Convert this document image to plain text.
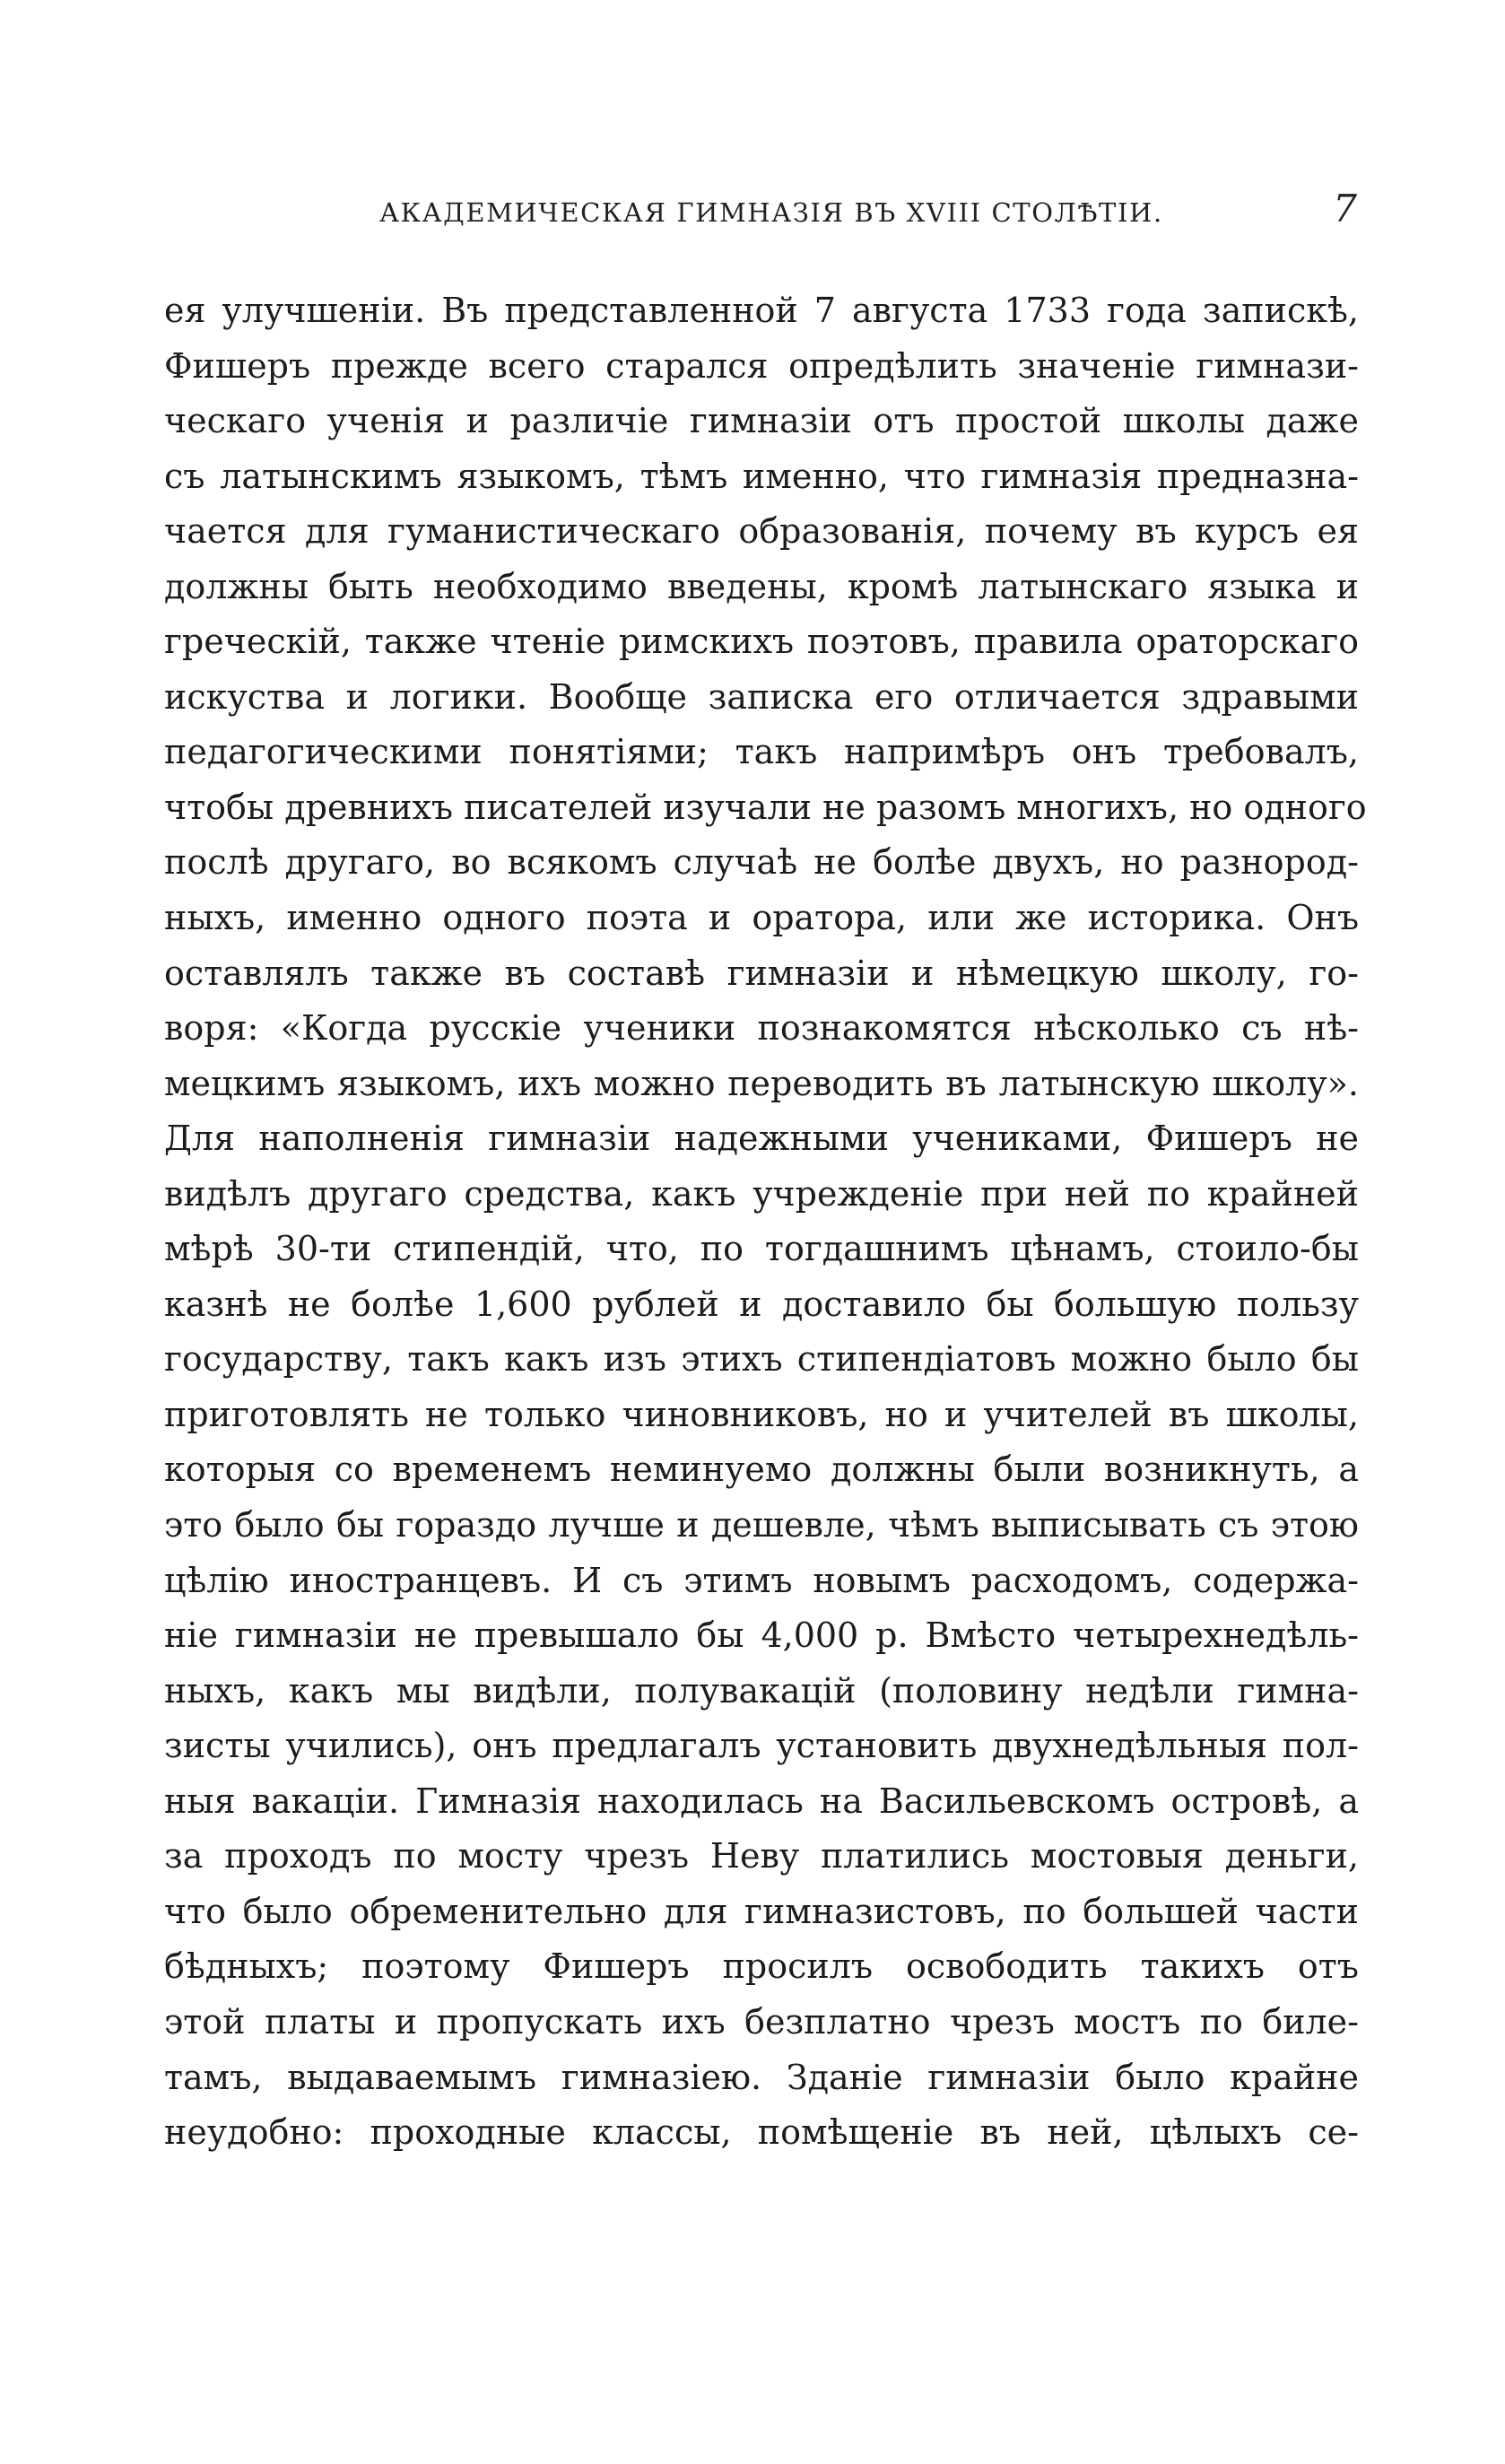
АКАДЕМИЧЕСКАЯ ГИМНАЗІЯ ВЪ XVIII СТОЛѢТІИ.	7
ея улучшеніи. Въ представленной 7 августа 1733 года запискѣ,
Фишеръ прежде всего старался опредѣлить значеніе гимнази-
ческаго ученія и различіе гимназіи отъ простой школы даже
съ латынскимъ языкомъ, тѣмъ именно, что гимназія предназна-
чается для гуманистическаго образованія, почему въ курсъ ея
должны быть необходимо введены, кромѣ латынскаго языка и
греческій, также чтеніе римскихъ поэтовъ, правила ораторскаго
искуства и логики. Вообще записка его отличается здравыми
педагогическими понятіями; такъ напримѣръ онъ требовалъ,
чтобы древнихъ писателей изучали не разомъ многихъ, но одного
послѣ другаго, во всякомъ случаѣ не болѣе двухъ, но разнород-
ныхъ, именно одного поэта и оратора, или же историка. Онъ
оставлялъ также въ составѣ гимназіи и нѣмецкую школу, го-
воря: «Когда русскіе ученики познакомятся нѣсколько съ нѣ-
мецкимъ языкомъ, ихъ можно переводить въ латынскую школу».
Для наполненія гимназіи надежными учениками, Фишеръ не
видѣлъ другаго средства, какъ учрежденіе при ней по крайней
мѣрѣ 30-ти стипендій, что, по тогдашнимъ цѣнамъ, стоило-бы
казнѣ не болѣе 1,600 рублей и доставило бы большую пользу
государству, такъ какъ изъ этихъ стипендіатовъ можно было бы
приготовлять не только чиновниковъ, но и учителей въ школы,
которыя со временемъ неминуемо должны были возникнуть, а
это было бы гораздо лучше и дешевле, чѣмъ выписывать съ этою
цѣлію иностранцевъ. И съ этимъ новымъ расходомъ, содержа-
ніе гимназіи не превышало бы 4,000 р. Вмѣсто четырехнедѣль-
ныхъ, какъ мы видѣли, полувакацій (половину недѣли гимна-
зисты учились), онъ предлагалъ установить двухнедѣльныя пол-
ныя вакаціи. Гимназія находилась на Васильевскомъ островѣ, а
за проходъ по мосту чрезъ Неву платились мостовыя деньги,
что было обременительно для гимназистовъ, по большей части
бѣдныхъ; поэтому Фишеръ просилъ освободить такихъ отъ
этой платы и пропускать ихъ безплатно чрезъ мостъ по биле-
тамъ, выдаваемымъ гимназіею. Зданіе гимназіи было крайне
неудобно: проходные классы, помѣщеніе въ ней, цѣлыхъ се-
